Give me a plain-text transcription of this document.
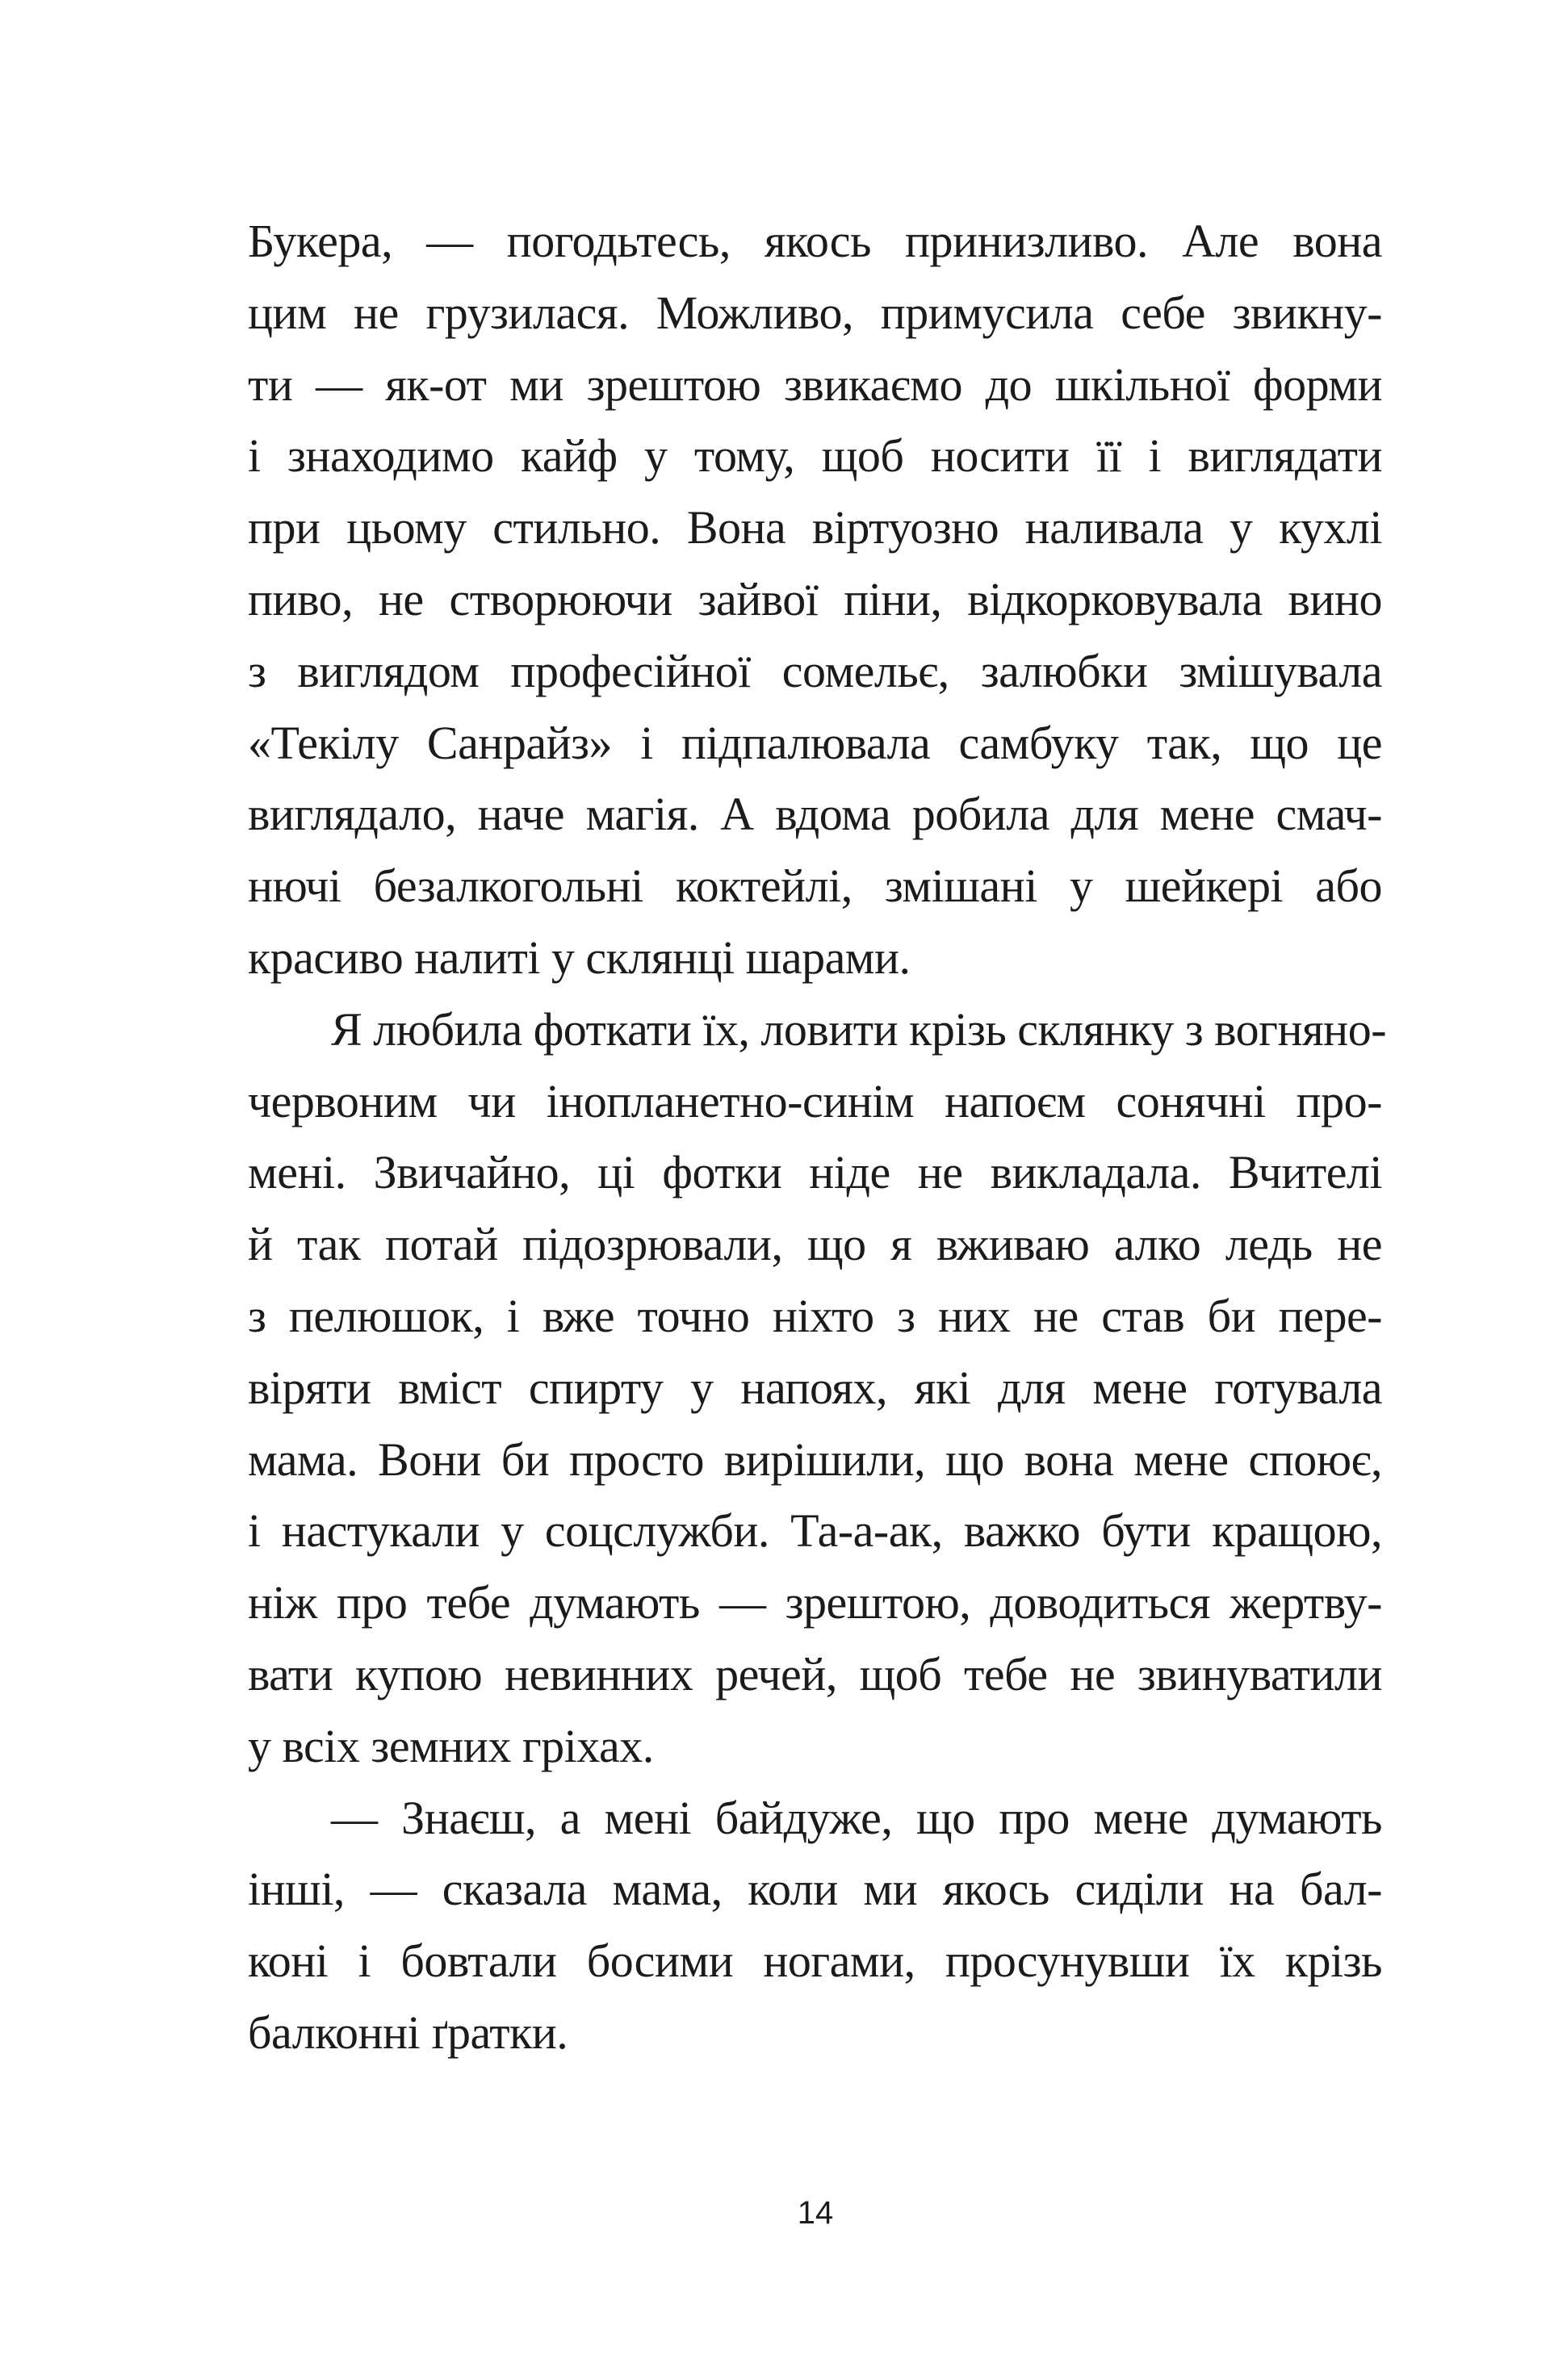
Букера, — погодьтесь, якось принизливо. Але вона
цим не грузилася. Можливо, примусила себе звикну-
ти — як-от ми зрештою звикаємо до шкільної форми
і знаходимо кайф у тому, щоб носити її і виглядати
при цьому стильно. Вона віртуозно наливала у кухлі
пиво, не створюючи зайвої піни, відкорковувала вино
з виглядом професійної сомельє, залюбки змішувала
«Текілу Санрайз» і підпалювала самбуку так, що це
виглядало, наче магія. А вдома робила для мене смач-
нючі безалкогольні коктейлі, змішані у шейкері або
красиво налиті у склянці шарами.
Я любила фоткати їх, ловити крізь склянку з вогняно-
червоним чи інопланетно-синім напоєм сонячні про-
мені. Звичайно, ці фотки ніде не викладала. Вчителі
й так потай підозрювали, що я вживаю алко ледь не
з пелюшок, і вже точно ніхто з них не став би пере-
віряти вміст спирту у напоях, які для мене готувала
мама. Вони би просто вирішили, що вона мене споює,
і настукали у соцслужби. Та-а-ак, важко бути кращою,
ніж про тебе думають — зрештою, доводиться жертву-
вати купою невинних речей, щоб тебе не звинуватили
у всіх земних гріхах.
— Знаєш, а мені байдуже, що про мене думають
інші, — сказала мама, коли ми якось сиділи на бал-
коні і бовтали босими ногами, просунувши їх крізь
балконні ґратки.
14
